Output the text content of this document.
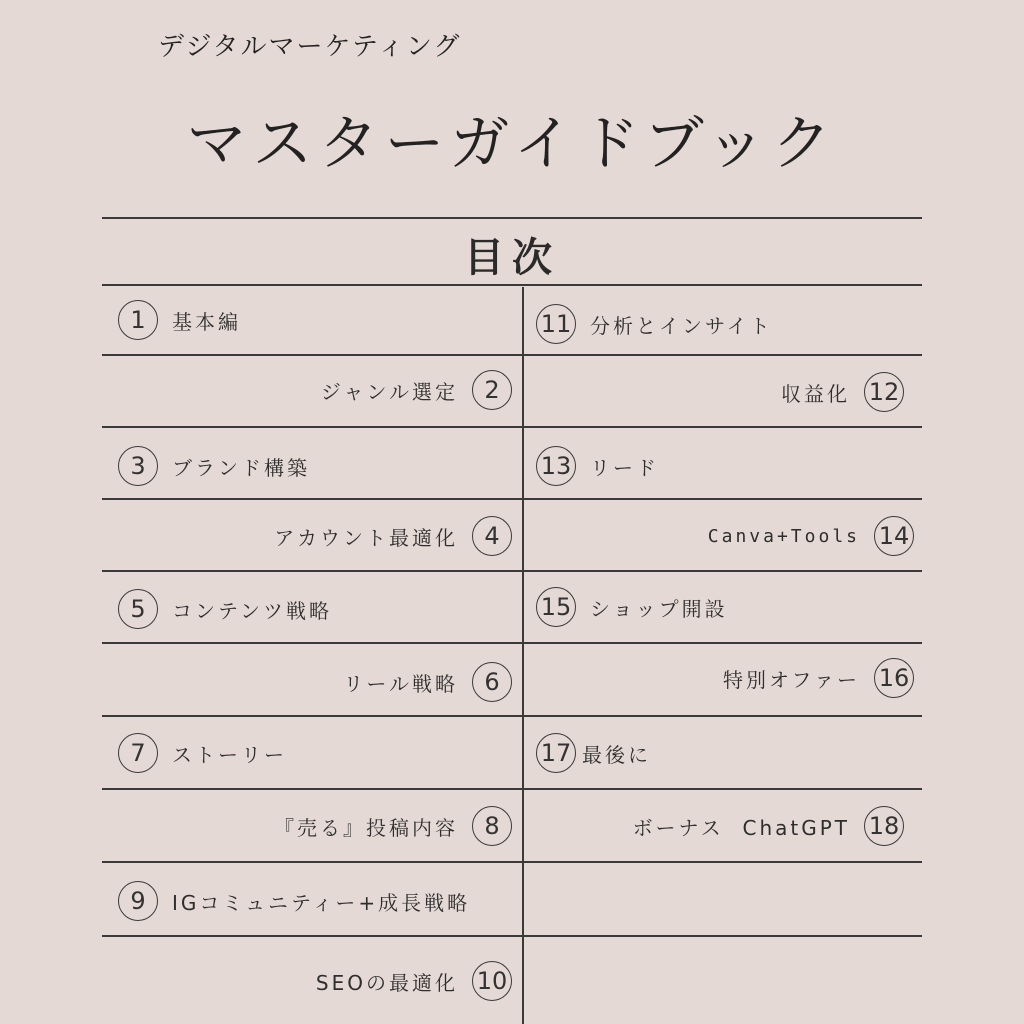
デジタルマーケティング
マスターガイドブック
目次
1	基本編
ジャンル選定	2
3	ブランド構築
アカウント最適化	4
5	コンテンツ戦略
リール戦略	6
7	ストーリー
『売る』投稿内容	8
9	IGコミュニティー+成長戦略
SEOの最適化 10
11 分析とインサイト
収益化 12
13 リード
Canva+Tools 14
15 ショップ開設
特別オファー 16
17 最後に
ボーナス  ChatGPT 18
